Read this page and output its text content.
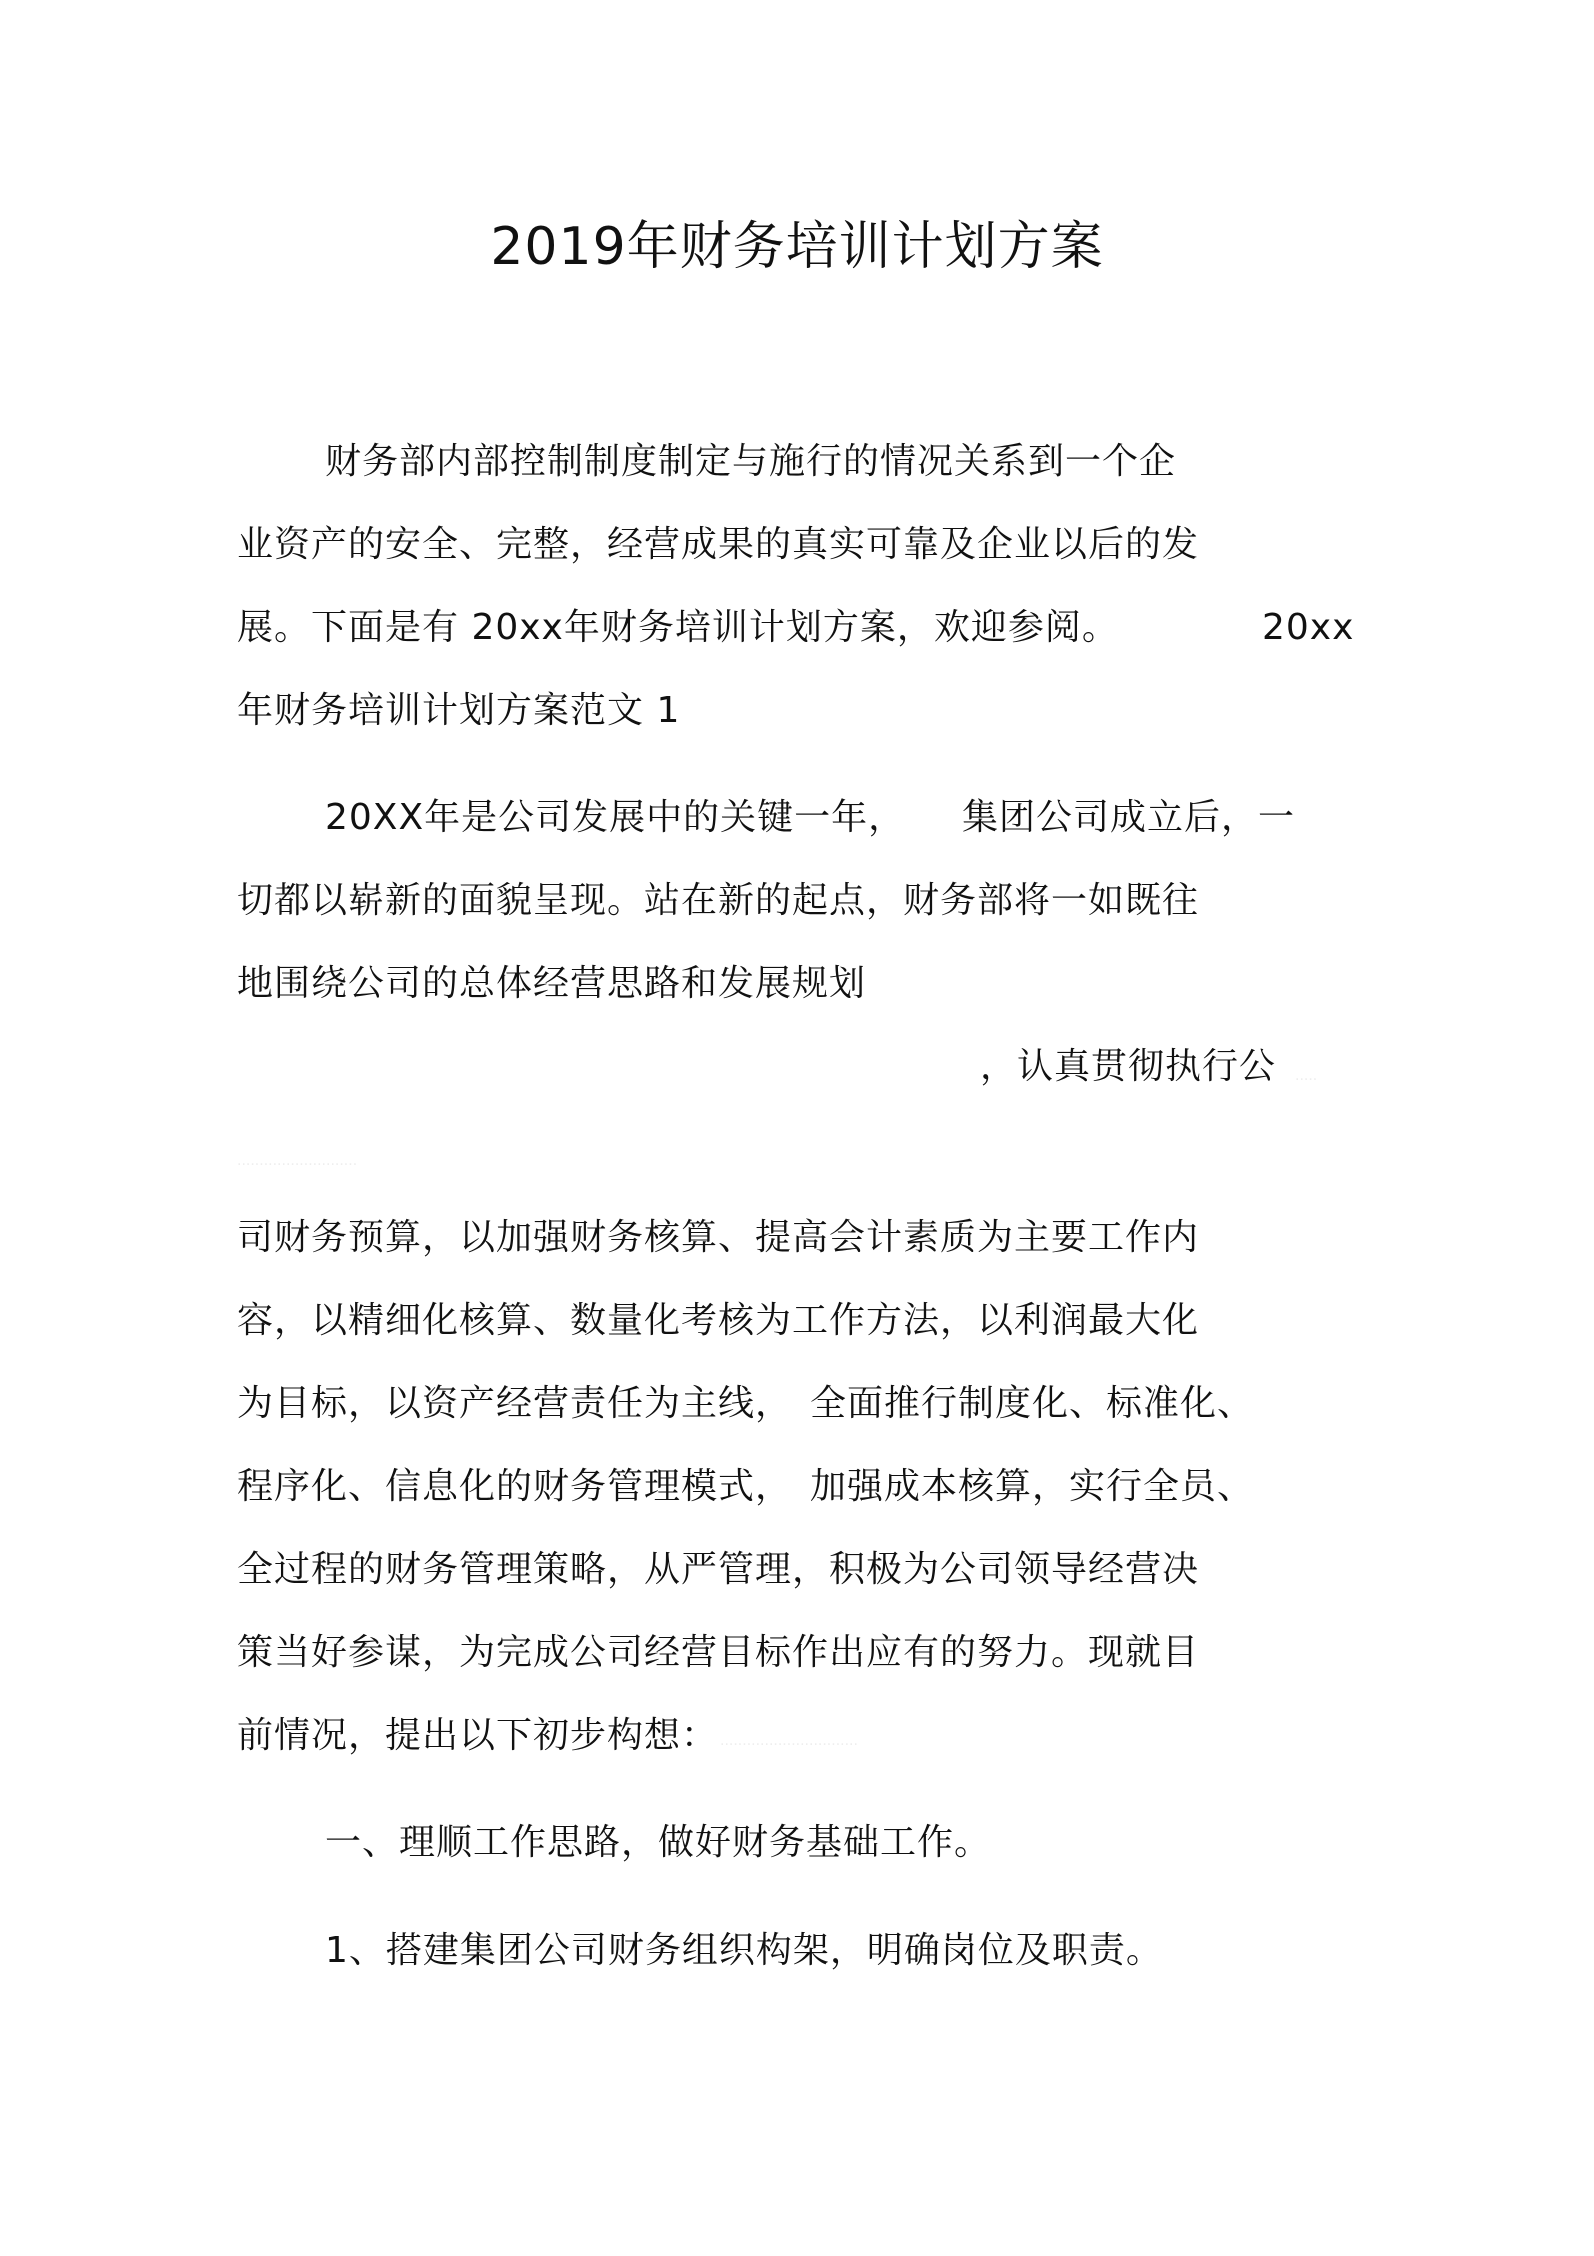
2019年财务培训计划方案
财务部内部控制制度制定与施行的情况关系到一个企
业资产的安全、完整，经营成果的真实可靠及企业以后的发
展。下面是有 20xx年财务培训计划方案，欢迎参阅。	20xx
年财务培训计划方案范文 1
20XX年是公司发展中的关键一年， 集团公司成立后，一
切都以崭新的面貌呈现。站在新的起点，财务部将一如既往
地围绕公司的总体经营思路和发展规划
，认真贯彻执行公 ·····
···························
司财务预算，以加强财务核算、提高会计素质为主要工作内
容，以精细化核算、数量化考核为工作方法，以利润最大化
为目标，以资产经营责任为主线， 全面推行制度化、标准化、
程序化、信息化的财务管理模式， 加强成本核算，实行全员、
全过程的财务管理策略，从严管理，积极为公司领导经营决
策当好参谋，为完成公司经营目标作出应有的努力。现就目
前情况，提出以下初步构想： ·······························
一、理顺工作思路，做好财务基础工作。
1、搭建集团公司财务组织构架，明确岗位及职责。
